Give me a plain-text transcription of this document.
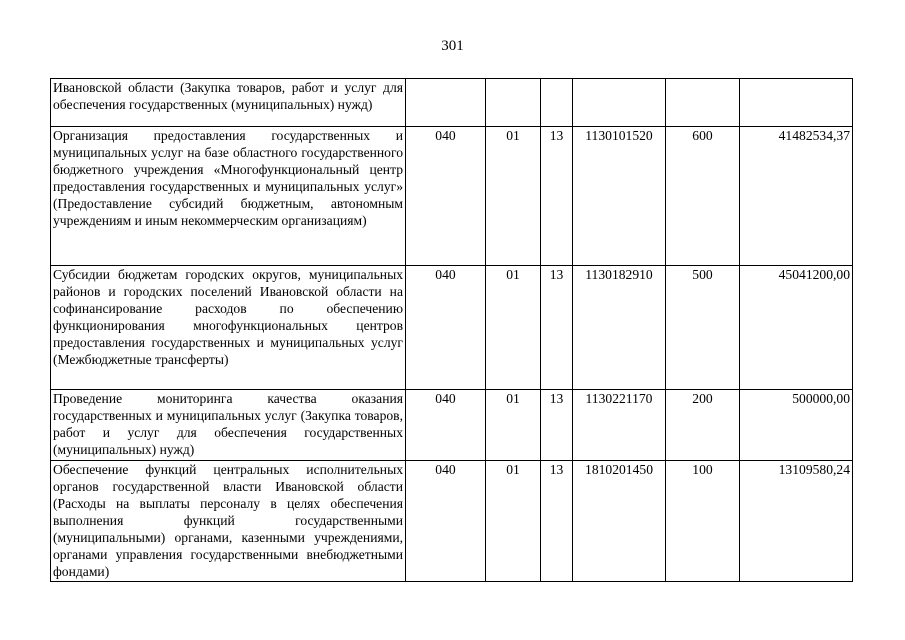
301
Ивановской области (Закупка товаров, работ и услуг для обеспечения государственных (муниципальных) нужд)						
Организация предоставления государственных и муниципальных услуг на базе областного государственного бюджетного учреждения «Многофункциональный центр предоставления государственных и муниципальных услуг» (Предоставление субсидий бюджетным, автономным учреждениям и иным некоммерческим организациям)	040	01	13	1130101520	600	41482534,37
Субсидии бюджетам городских округов, муниципальных районов и городских поселений Ивановской области на софинансирование расходов по обеспечению функционирования многофункциональных центров предоставления государственных и муниципальных услуг (Межбюджетные трансферты)	040	01	13	1130182910	500	45041200,00
Проведение мониторинга качества оказания государственных и муниципальных услуг (Закупка товаров, работ и услуг для обеспечения государственных (муниципальных) нужд)	040	01	13	1130221170	200	500000,00
Обеспечение функций центральных исполнительных органов государственной власти Ивановской области (Расходы на выплаты персоналу в целях обеспечения выполнения функций государственными (муниципальными) органами, казенными учреждениями, органами управления государственными внебюджетными фондами)	040	01	13	1810201450	100	13109580,24
